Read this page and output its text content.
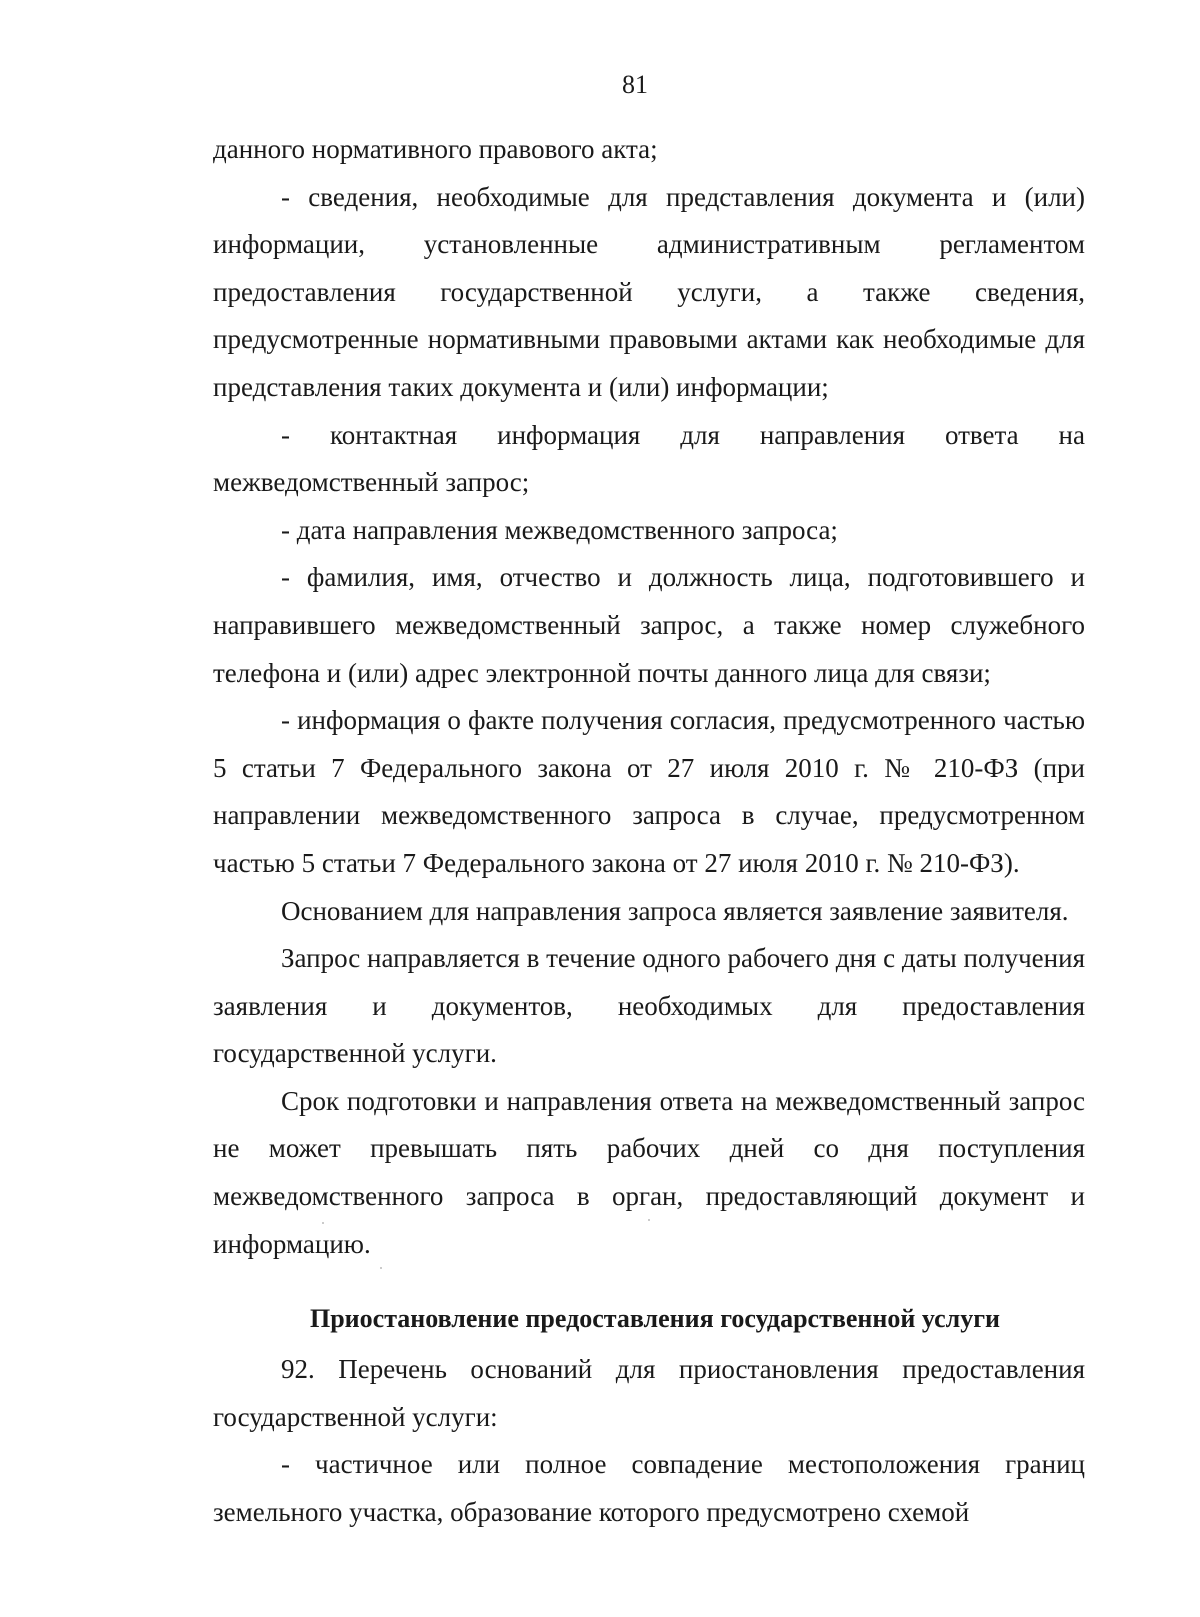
81

данного нормативного правового акта;

- сведения, необходимые для представления документа и (или) информации, установленные административным регламентом предоставления государственной услуги, а также сведения, предусмотренные нормативными правовыми актами как необходимые для представления таких документа и (или) информации;

- контактная информация для направления ответа на межведомственный запрос;

- дата направления межведомственного запроса;

- фамилия, имя, отчество и должность лица, подготовившего и направившего межведомственный запрос, а также номер служебного телефона и (или) адрес электронной почты данного лица для связи;

- информация о факте получения согласия, предусмотренного частью 5 статьи 7 Федерального закона от 27 июля 2010 г. № 210-ФЗ (при направлении межведомственного запроса в случае, предусмотренном частью 5 статьи 7 Федерального закона от 27 июля 2010 г. № 210-ФЗ).

Основанием для направления запроса является заявление заявителя.

Запрос направляется в течение одного рабочего дня с даты получения заявления и документов, необходимых для предоставления государственной услуги.

Срок подготовки и направления ответа на межведомственный запрос не может превышать пять рабочих дней со дня поступления межведомственного запроса в орган, предоставляющий документ и информацию.

Приостановление предоставления государственной услуги

92. Перечень оснований для приостановления предоставления государственной услуги:

- частичное или полное совпадение местоположения границ земельного участка, образование которого предусмотрено схемой
